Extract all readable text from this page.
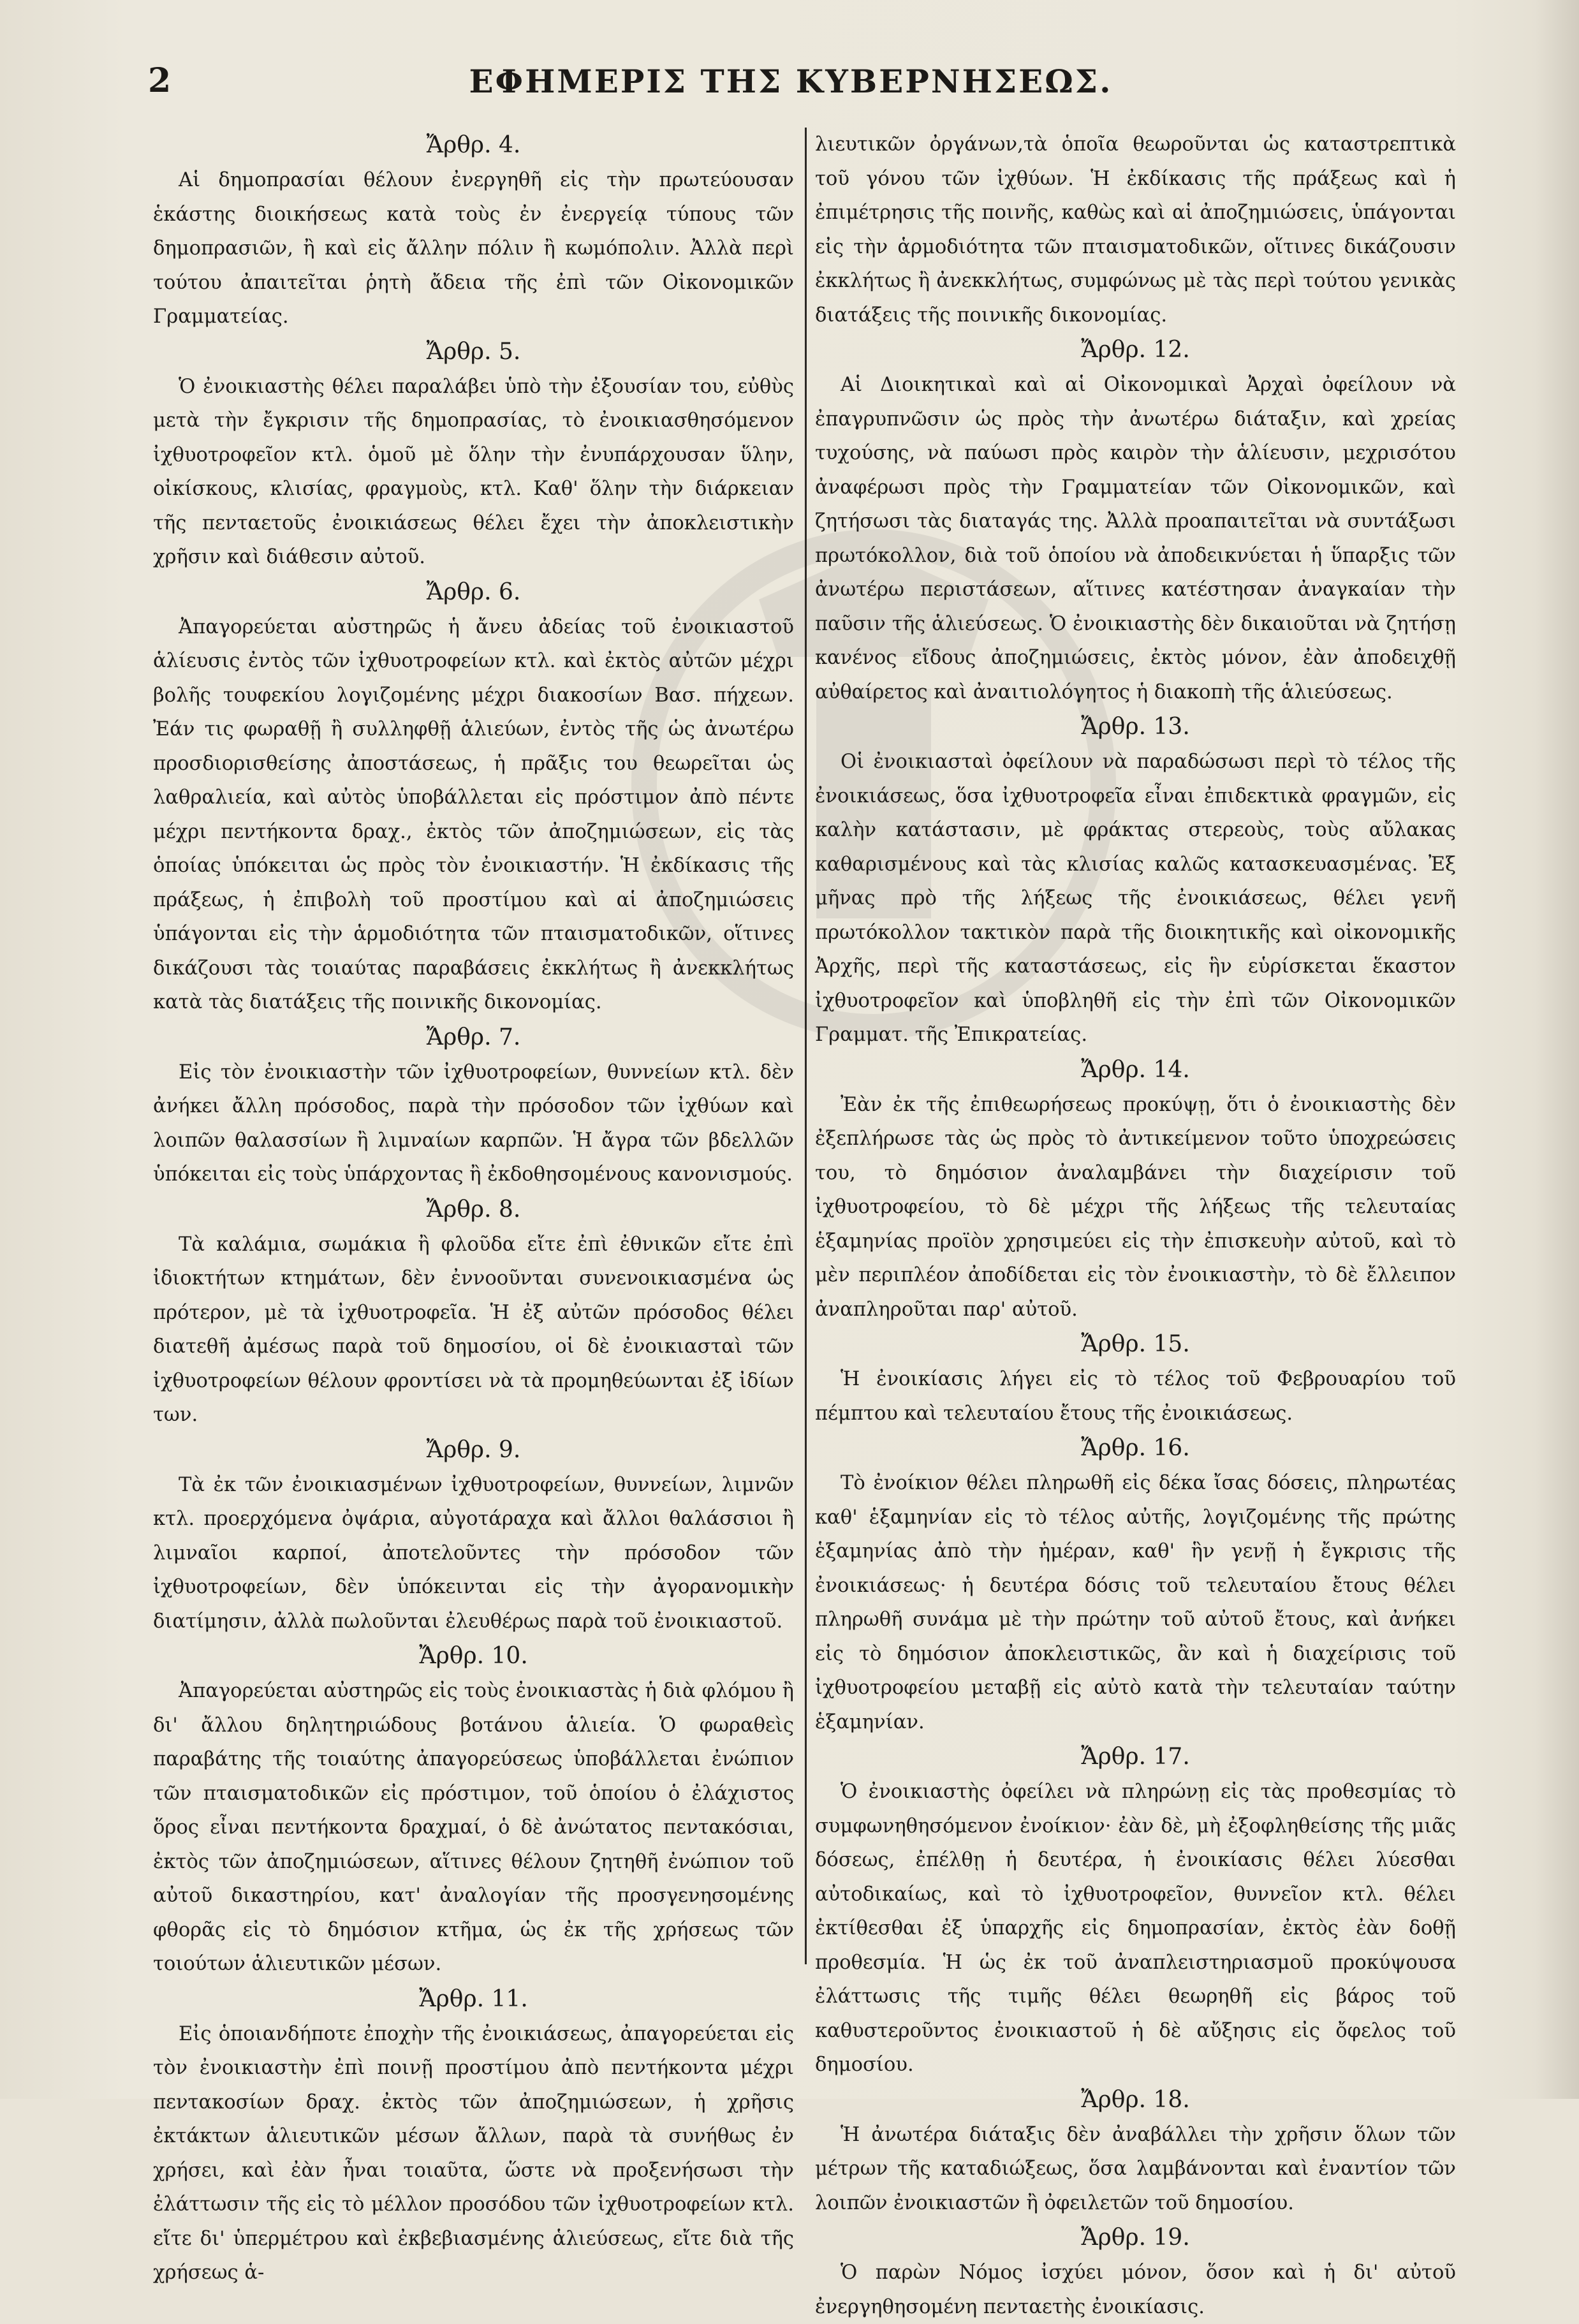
2	ΕΦΗΜΕΡΙΣ ΤΗΣ ΚΥΒΕΡΝΗΣΕΩΣ.

Ἄρθρ. 4.

Αἱ δημοπρασίαι θέλουν ἐνεργηθῆ εἰς τὴν πρωτεύουσαν ἑκάστης διοικήσεως κατὰ τοὺς ἐν ἐνεργείᾳ τύπους τῶν δημοπρασιῶν, ἢ καὶ εἰς ἄλλην πόλιν ἢ κωμόπολιν. Ἀλλὰ περὶ τούτου ἀπαιτεῖται ῥητὴ ἄδεια τῆς ἐπὶ τῶν Οἰκονομικῶν Γραμματείας.

Ἄρθρ. 5.

Ὁ ἐνοικιαστὴς θέλει παραλάβει ὑπὸ τὴν ἐξουσίαν του, εὐθὺς μετὰ τὴν ἔγκρισιν τῆς δημοπρασίας, τὸ ἐνοικιασθησόμενον ἰχθυοτροφεῖον κτλ. ὁμοῦ μὲ ὅλην τὴν ἐνυπάρχουσαν ὕλην, οἰκίσκους, κλισίας, φραγμοὺς, κτλ. Καθ' ὅλην τὴν διάρκειαν τῆς πενταετοῦς ἐνοικιάσεως θέλει ἔχει τὴν ἀποκλειστικὴν χρῆσιν καὶ διάθεσιν αὐτοῦ.

Ἄρθρ. 6.

Ἀπαγορεύεται αὐστηρῶς ἡ ἄνευ ἀδείας τοῦ ἐνοικιαστοῦ ἁλίευσις ἐντὸς τῶν ἰχθυοτροφείων κτλ. καὶ ἐκτὸς αὐτῶν μέχρι βολῆς τουφεκίου λογιζομένης μέχρι διακοσίων Βασ. πήχεων. Ἐάν τις φωραθῇ ἢ συλληφθῇ ἁλιεύων, ἐντὸς τῆς ὡς ἀνωτέρω προσδιορισθείσης ἀποστάσεως, ἡ πρᾶξις του θεωρεῖται ὡς λαθραλιεία, καὶ αὐτὸς ὑποβάλλεται εἰς πρόστιμον ἀπὸ πέντε μέχρι πεντήκοντα δραχ., ἐκτὸς τῶν ἀποζημιώσεων, εἰς τὰς ὁποίας ὑπόκειται ὡς πρὸς τὸν ἐνοικιαστήν. Ἡ ἐκδίκασις τῆς πράξεως, ἡ ἐπιβολὴ τοῦ προστίμου καὶ αἱ ἀποζημιώσεις ὑπάγονται εἰς τὴν ἁρμοδιότητα τῶν πταισματοδικῶν, οἵτινες δικάζουσι τὰς τοιαύτας παραβάσεις ἐκκλήτως ἢ ἀνεκκλήτως κατὰ τὰς διατάξεις τῆς ποινικῆς δικονομίας.

Ἄρθρ. 7.

Εἰς τὸν ἐνοικιαστὴν τῶν ἰχθυοτροφείων, θυννείων κτλ. δὲν ἀνήκει ἄλλη πρόσοδος, παρὰ τὴν πρόσοδον τῶν ἰχθύων καὶ λοιπῶν θαλασσίων ἢ λιμναίων καρπῶν. Ἡ ἄγρα τῶν βδελλῶν ὑπόκειται εἰς τοὺς ὑπάρχοντας ἢ ἐκδοθησομένους κανονισμούς.

Ἄρθρ. 8.

Τὰ καλάμια, σωμάκια ἢ φλοῦδα εἴτε ἐπὶ ἐθνικῶν εἴτε ἐπὶ ἰδιοκτήτων κτημάτων, δὲν ἐννοοῦνται συνενοικιασμένα ὡς πρότερον, μὲ τὰ ἰχθυοτροφεῖα. Ἡ ἐξ αὐτῶν πρόσοδος θέλει διατεθῆ ἀμέσως παρὰ τοῦ δημοσίου, οἱ δὲ ἐνοικιασταὶ τῶν ἰχθυοτροφείων θέλουν φροντίσει νὰ τὰ προμηθεύωνται ἐξ ἰδίων των.

Ἄρθρ. 9.

Τὰ ἐκ τῶν ἐνοικιασμένων ἰχθυοτροφείων, θυννείων, λιμνῶν κτλ. προερχόμενα ὀψάρια, αὐγοτάραχα καὶ ἄλλοι θαλάσσιοι ἢ λιμναῖοι καρποί, ἀποτελοῦντες τὴν πρόσοδον τῶν ἰχθυοτροφείων, δὲν ὑπόκεινται εἰς τὴν ἀγορανομικὴν διατίμησιν, ἀλλὰ πωλοῦνται ἐλευθέρως παρὰ τοῦ ἐνοικιαστοῦ.

Ἄρθρ. 10.

Ἀπαγορεύεται αὐστηρῶς εἰς τοὺς ἐνοικιαστὰς ἡ διὰ φλόμου ἢ δι' ἄλλου δηλητηριώδους βοτάνου ἁλιεία. Ὁ φωραθεὶς παραβάτης τῆς τοιαύτης ἀπαγορεύσεως ὑποβάλλεται ἐνώπιον τῶν πταισματοδικῶν εἰς πρόστιμον, τοῦ ὁποίου ὁ ἐλάχιστος ὅρος εἶναι πεντήκοντα δραχμαί, ὁ δὲ ἀνώτατος πεντακόσιαι, ἐκτὸς τῶν ἀποζημιώσεων, αἵτινες θέλουν ζητηθῆ ἐνώπιον τοῦ αὐτοῦ δικαστηρίου, κατ' ἀναλογίαν τῆς προσγενησομένης φθορᾶς εἰς τὸ δημόσιον κτῆμα, ὡς ἐκ τῆς χρήσεως τῶν τοιούτων ἁλιευτικῶν μέσων.

Ἄρθρ. 11.

Εἰς ὁποιανδήποτε ἐποχὴν τῆς ἐνοικιάσεως, ἀπαγορεύεται εἰς τὸν ἐνοικιαστὴν ἐπὶ ποινῇ προστίμου ἀπὸ πεντήκοντα μέχρι πεντακοσίων δραχ. ἐκτὸς τῶν ἀποζημιώσεων, ἡ χρῆσις ἐκτάκτων ἁλιευτικῶν μέσων ἄλλων, παρὰ τὰ συνήθως ἐν χρήσει, καὶ ἐὰν ἦναι τοιαῦτα, ὥστε νὰ προξενήσωσι τὴν ἐλάττωσιν τῆς εἰς τὸ μέλλον προσόδου τῶν ἰχθυοτροφείων κτλ. εἴτε δι' ὑπερμέτρου καὶ ἐκβεβιασμένης ἁλιεύσεως, εἴτε διὰ τῆς χρήσεως ἁ-

λιευτικῶν ὀργάνων,τὰ ὁποῖα θεωροῦνται ὡς καταστρεπτικὰ τοῦ γόνου τῶν ἰχθύων. Ἡ ἐκδίκασις τῆς πράξεως καὶ ἡ ἐπιμέτρησις τῆς ποινῆς, καθὼς καὶ αἱ ἀποζημιώσεις, ὑπάγονται εἰς τὴν ἁρμοδιότητα τῶν πταισματοδικῶν, οἵτινες δικάζουσιν ἐκκλήτως ἢ ἀνεκκλήτως, συμφώνως μὲ τὰς περὶ τούτου γενικὰς διατάξεις τῆς ποινικῆς δικονομίας.

Ἄρθρ. 12.

Αἱ Διοικητικαὶ καὶ αἱ Οἰκονομικαὶ Ἀρχαὶ ὀφείλουν νὰ ἐπαγρυπνῶσιν ὡς πρὸς τὴν ἀνωτέρω διάταξιν, καὶ χρείας τυχούσης, νὰ παύωσι πρὸς καιρὸν τὴν ἁλίευσιν, μεχρισότου ἀναφέρωσι πρὸς τὴν Γραμματείαν τῶν Οἰκονομικῶν, καὶ ζητήσωσι τὰς διαταγάς της. Ἀλλὰ προαπαιτεῖται νὰ συντάξωσι πρωτόκολλον, διὰ τοῦ ὁποίου νὰ ἀποδεικνύεται ἡ ὕπαρξις τῶν ἀνωτέρω περιστάσεων, αἵτινες κατέστησαν ἀναγκαίαν τὴν παῦσιν τῆς ἁλιεύσεως. Ὁ ἐνοικιαστὴς δὲν δικαιοῦται νὰ ζητήσῃ κανένος εἴδους ἀποζημιώσεις, ἐκτὸς μόνον, ἐὰν ἀποδειχθῇ αὐθαίρετος καὶ ἀναιτιολόγητος ἡ διακοπὴ τῆς ἁλιεύσεως.

Ἄρθρ. 13.

Οἱ ἐνοικιασταὶ ὀφείλουν νὰ παραδώσωσι περὶ τὸ τέλος τῆς ἐνοικιάσεως, ὅσα ἰχθυοτροφεῖα εἶναι ἐπιδεκτικὰ φραγμῶν, εἰς καλὴν κατάστασιν, μὲ φράκτας στερεοὺς, τοὺς αὔλακας καθαρισμένους καὶ τὰς κλισίας καλῶς κατασκευασμένας. Ἐξ μῆνας πρὸ τῆς λήξεως τῆς ἐνοικιάσεως, θέλει γενῆ πρωτόκολλον τακτικὸν παρὰ τῆς διοικητικῆς καὶ οἰκονομικῆς Ἀρχῆς, περὶ τῆς καταστάσεως, εἰς ἣν εὑρίσκεται ἕκαστον ἰχθυοτροφεῖον καὶ ὑποβληθῆ εἰς τὴν ἐπὶ τῶν Οἰκονομικῶν Γραμματ. τῆς Ἐπικρατείας.

Ἄρθρ. 14.

Ἐὰν ἐκ τῆς ἐπιθεωρήσεως προκύψῃ, ὅτι ὁ ἐνοικιαστὴς δὲν ἐξεπλήρωσε τὰς ὡς πρὸς τὸ ἀντικείμενον τοῦτο ὑποχρεώσεις του, τὸ δημόσιον ἀναλαμβάνει τὴν διαχείρισιν τοῦ ἰχθυοτροφείου, τὸ δὲ μέχρι τῆς λήξεως τῆς τελευταίας ἑξαμηνίας προϊὸν χρησιμεύει εἰς τὴν ἐπισκευὴν αὐτοῦ, καὶ τὸ μὲν περιπλέον ἀποδίδεται εἰς τὸν ἐνοικιαστὴν, τὸ δὲ ἔλλειπον ἀναπληροῦται παρ' αὐτοῦ.

Ἄρθρ. 15.

Ἡ ἐνοικίασις λήγει εἰς τὸ τέλος τοῦ Φεβρουαρίου τοῦ πέμπτου καὶ τελευταίου ἔτους τῆς ἐνοικιάσεως.

Ἄρθρ. 16.

Τὸ ἐνοίκιον θέλει πληρωθῆ εἰς δέκα ἴσας δόσεις, πληρωτέας καθ' ἑξαμηνίαν εἰς τὸ τέλος αὐτῆς, λογιζομένης τῆς πρώτης ἑξαμηνίας ἀπὸ τὴν ἡμέραν, καθ' ἣν γενῇ ἡ ἔγκρισις τῆς ἐνοικιάσεως· ἡ δευτέρα δόσις τοῦ τελευταίου ἔτους θέλει πληρωθῆ συνάμα μὲ τὴν πρώτην τοῦ αὐτοῦ ἔτους, καὶ ἀνήκει εἰς τὸ δημόσιον ἀποκλειστικῶς, ἂν καὶ ἡ διαχείρισις τοῦ ἰχθυοτροφείου μεταβῇ εἰς αὐτὸ κατὰ τὴν τελευταίαν ταύτην ἑξαμηνίαν.

Ἄρθρ. 17.

Ὁ ἐνοικιαστὴς ὀφείλει νὰ πληρώνῃ εἰς τὰς προθεσμίας τὸ συμφωνηθησόμενον ἐνοίκιον· ἐὰν δὲ, μὴ ἐξοφληθείσης τῆς μιᾶς δόσεως, ἐπέλθῃ ἡ δευτέρα, ἡ ἐνοικίασις θέλει λύεσθαι αὐτοδικαίως, καὶ τὸ ἰχθυοτροφεῖον, θυννεῖον κτλ. θέλει ἐκτίθεσθαι ἐξ ὑπαρχῆς εἰς δημοπρασίαν, ἐκτὸς ἐὰν δοθῇ προθεσμία. Ἡ ὡς ἐκ τοῦ ἀναπλειστηριασμοῦ προκύψουσα ἐλάττωσις τῆς τιμῆς θέλει θεωρηθῆ εἰς βάρος τοῦ καθυστεροῦντος ἐνοικιαστοῦ ἡ δὲ αὔξησις εἰς ὄφελος τοῦ δημοσίου.

Ἄρθρ. 18.

Ἡ ἀνωτέρα διάταξις δὲν ἀναβάλλει τὴν χρῆσιν ὅλων τῶν μέτρων τῆς καταδιώξεως, ὅσα λαμβάνονται καὶ ἐναντίον τῶν λοιπῶν ἐνοικιαστῶν ἢ ὀφειλετῶν τοῦ δημοσίου.

Ἄρθρ. 19.

Ὁ παρὼν Νόμος ἰσχύει μόνον, ὅσον καὶ ἡ δι' αὐτοῦ ἐνεργηθησομένη πενταετὴς ἐνοικίασις.
